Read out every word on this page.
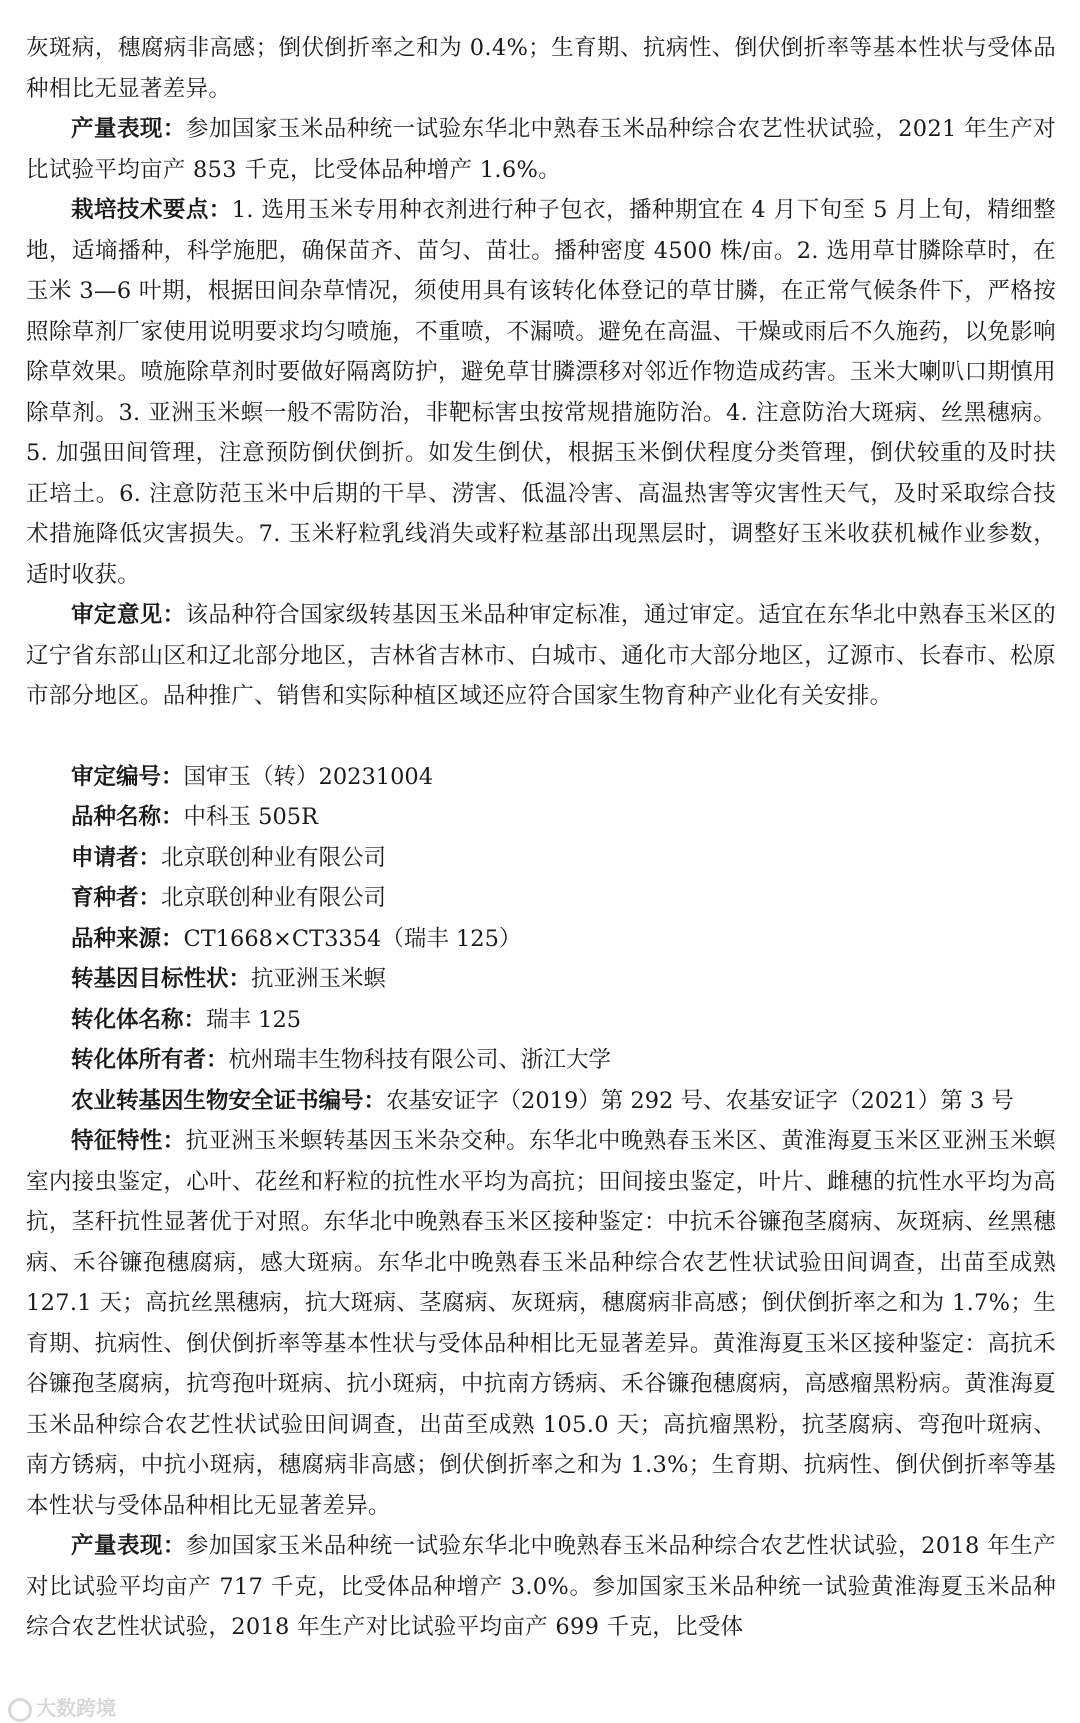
灰斑病，穗腐病非高感；倒伏倒折率之和为 0.4%；生育期、抗病性、倒伏倒折率等基本性状与受体品种相比无显著差异。

产量表现：参加国家玉米品种统一试验东华北中熟春玉米品种综合农艺性状试验，2021 年生产对比试验平均亩产 853 千克，比受体品种增产 1.6%。

栽培技术要点：1. 选用玉米专用种衣剂进行种子包衣，播种期宜在 4 月下旬至 5 月上旬，精细整地，适墒播种，科学施肥，确保苗齐、苗匀、苗壮。播种密度 4500 株/亩。2. 选用草甘膦除草时，在玉米 3—6 叶期，根据田间杂草情况，须使用具有该转化体登记的草甘膦，在正常气候条件下，严格按照除草剂厂家使用说明要求均匀喷施，不重喷，不漏喷。避免在高温、干燥或雨后不久施药，以免影响除草效果。喷施除草剂时要做好隔离防护，避免草甘膦漂移对邻近作物造成药害。玉米大喇叭口期慎用除草剂。3. 亚洲玉米螟一般不需防治，非靶标害虫按常规措施防治。4. 注意防治大斑病、丝黑穗病。5. 加强田间管理，注意预防倒伏倒折。如发生倒伏，根据玉米倒伏程度分类管理，倒伏较重的及时扶正培土。6. 注意防范玉米中后期的干旱、涝害、低温冷害、高温热害等灾害性天气，及时采取综合技术措施降低灾害损失。7. 玉米籽粒乳线消失或籽粒基部出现黑层时，调整好玉米收获机械作业参数，适时收获。

审定意见：该品种符合国家级转基因玉米品种审定标准，通过审定。适宜在东华北中熟春玉米区的辽宁省东部山区和辽北部分地区，吉林省吉林市、白城市、通化市大部分地区，辽源市、长春市、松原市部分地区。品种推广、销售和实际种植区域还应符合国家生物育种产业化有关安排。

审定编号：国审玉（转）20231004

品种名称：中科玉 505R

申请者：北京联创种业有限公司

育种者：北京联创种业有限公司

品种来源：CT1668×CT3354（瑞丰 125）

转基因目标性状：抗亚洲玉米螟

转化体名称：瑞丰 125

转化体所有者：杭州瑞丰生物科技有限公司、浙江大学

农业转基因生物安全证书编号：农基安证字（2019）第 292 号、农基安证字（2021）第 3 号

特征特性：抗亚洲玉米螟转基因玉米杂交种。东华北中晚熟春玉米区、黄淮海夏玉米区亚洲玉米螟室内接虫鉴定，心叶、花丝和籽粒的抗性水平均为高抗；田间接虫鉴定，叶片、雌穗的抗性水平均为高抗，茎秆抗性显著优于对照。东华北中晚熟春玉米区接种鉴定：中抗禾谷镰孢茎腐病、灰斑病、丝黑穗病、禾谷镰孢穗腐病，感大斑病。东华北中晚熟春玉米品种综合农艺性状试验田间调查，出苗至成熟 127.1 天；高抗丝黑穗病，抗大斑病、茎腐病、灰斑病，穗腐病非高感；倒伏倒折率之和为 1.7%；生育期、抗病性、倒伏倒折率等基本性状与受体品种相比无显著差异。黄淮海夏玉米区接种鉴定：高抗禾谷镰孢茎腐病，抗弯孢叶斑病、抗小斑病，中抗南方锈病、禾谷镰孢穗腐病，高感瘤黑粉病。黄淮海夏玉米品种综合农艺性状试验田间调查，出苗至成熟 105.0 天；高抗瘤黑粉，抗茎腐病、弯孢叶斑病、南方锈病，中抗小斑病，穗腐病非高感；倒伏倒折率之和为 1.3%；生育期、抗病性、倒伏倒折率等基本性状与受体品种相比无显著差异。

产量表现：参加国家玉米品种统一试验东华北中晚熟春玉米品种综合农艺性状试验，2018 年生产对比试验平均亩产 717 千克，比受体品种增产 3.0%。参加国家玉米品种统一试验黄淮海夏玉米品种综合农艺性状试验，2018 年生产对比试验平均亩产 699 千克，比受体

大数跨境
